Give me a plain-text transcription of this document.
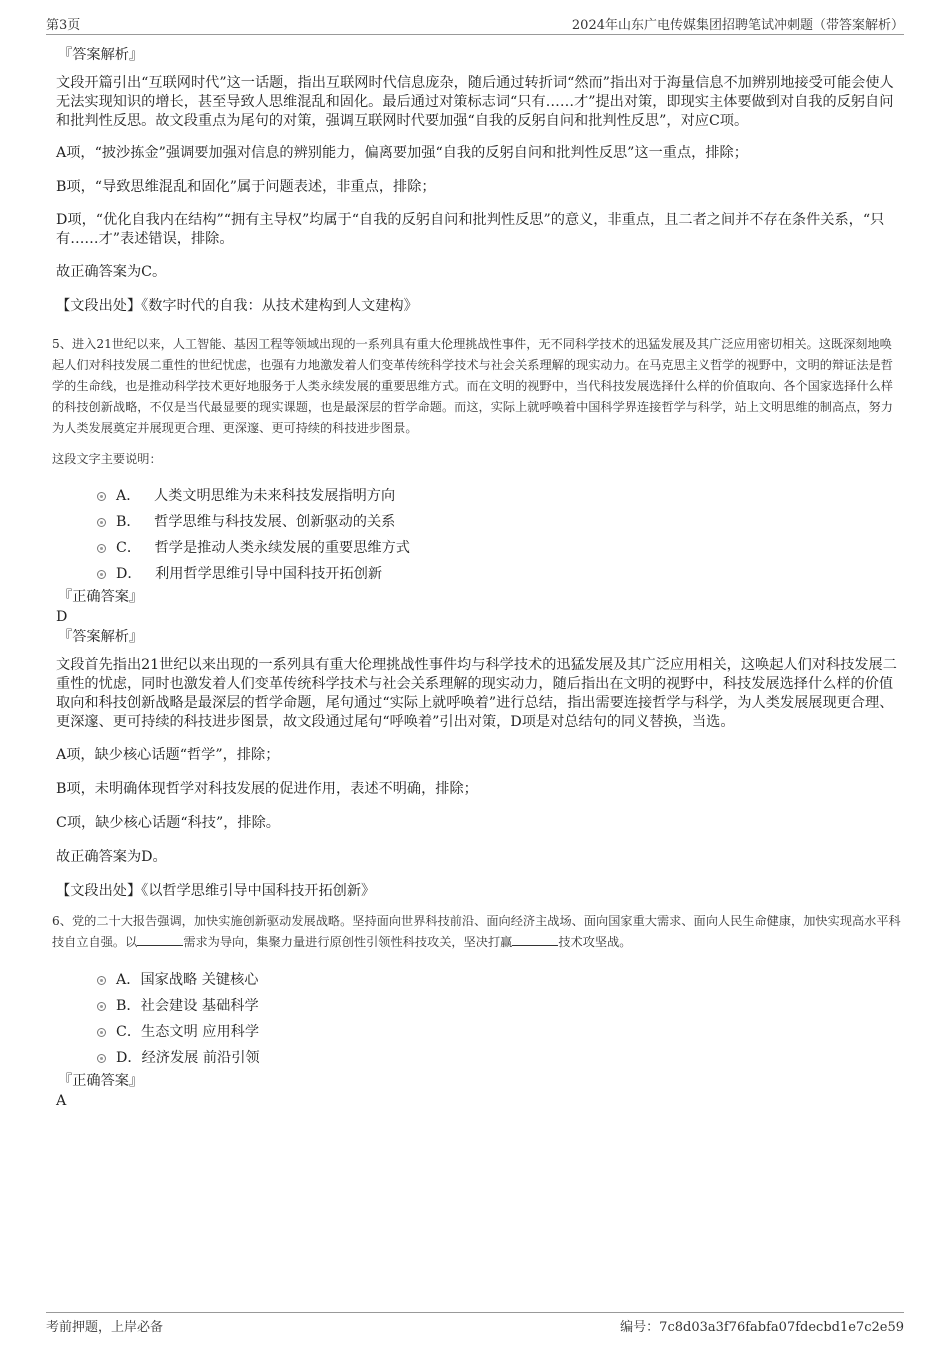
第3页	2024年山东广电传媒集团招聘笔试冲刺题（带答案解析）

『答案解析』

文段开篇引出“互联网时代”这一话题，指出互联网时代信息庞杂，随后通过转折词“然而”指出对于海量信息不加辨别地接受可能会使人无法实现知识的增长，甚至导致人思维混乱和固化。最后通过对策标志词“只有……才”提出对策，即现实主体要做到对自我的反躬自问和批判性反思。故文段重点为尾句的对策，强调互联网时代要加强“自我的反躬自问和批判性反思”，对应C项。

A项，“披沙拣金”强调要加强对信息的辨别能力，偏离要加强“自我的反躬自问和批判性反思”这一重点，排除；

B项，“导致思维混乱和固化”属于问题表述，非重点，排除；

D项，“优化自我内在结构”“拥有主导权”均属于“自我的反躬自问和批判性反思”的意义，非重点，且二者之间并不存在条件关系，“只有……才”表述错误，排除。

故正确答案为C。

【文段出处】《数字时代的自我：从技术建构到人文建构》

5、进入21世纪以来，人工智能、基因工程等领域出现的一系列具有重大伦理挑战性事件，无不同科学技术的迅猛发展及其广泛应用密切相关。这既深刻地唤起人们对科技发展二重性的世纪忧虑，也强有力地激发着人们变革传统科学技术与社会关系理解的现实动力。在马克思主义哲学的视野中，文明的辩证法是哲学的生命线，也是推动科学技术更好地服务于人类永续发展的重要思维方式。而在文明的视野中，当代科技发展选择什么样的价值取向、各个国家选择什么样的科技创新战略，不仅是当代最显要的现实课题，也是最深层的哲学命题。而这，实际上就呼唤着中国科学界连接哲学与科学，站上文明思维的制高点，努力为人类发展奠定并展现更合理、更深邃、更可持续的科技进步图景。

这段文字主要说明：

A． 人类文明思维为未来科技发展指明方向
B． 哲学思维与科技发展、创新驱动的关系
C． 哲学是推动人类永续发展的重要思维方式
D． 利用哲学思维引导中国科技开拓创新

『正确答案』

D

『答案解析』

文段首先指出21世纪以来出现的一系列具有重大伦理挑战性事件均与科学技术的迅猛发展及其广泛应用相关，这唤起人们对科技发展二重性的忧虑，同时也激发着人们变革传统科学技术与社会关系理解的现实动力，随后指出在文明的视野中，科技发展选择什么样的价值取向和科技创新战略是最深层的哲学命题，尾句通过“实际上就呼唤着”进行总结，指出需要连接哲学与科学，为人类发展展现更合理、更深邃、更可持续的科技进步图景，故文段通过尾句“呼唤着”引出对策，D项是对总结句的同义替换，当选。

A项，缺少核心话题“哲学”，排除；

B项，未明确体现哲学对科技发展的促进作用，表述不明确，排除；

C项，缺少核心话题“科技”，排除。

故正确答案为D。

【文段出处】《以哲学思维引导中国科技开拓创新》

6、党的二十大报告强调，加快实施创新驱动发展战略。坚持面向世界科技前沿、面向经济主战场、面向国家重大需求、面向人民生命健康，加快实现高水平科技自立自强。以	需求为导向，集聚力量进行原创性引领性科技攻关，坚决打赢	技术攻坚战。

A．国家战略 关键核心
B．社会建设 基础科学
C．生态文明 应用科学
D．经济发展 前沿引领

『正确答案』

A

考前押题，上岸必备	编号：7c8d03a3f76fabfa07fdecbd1e7c2e59
